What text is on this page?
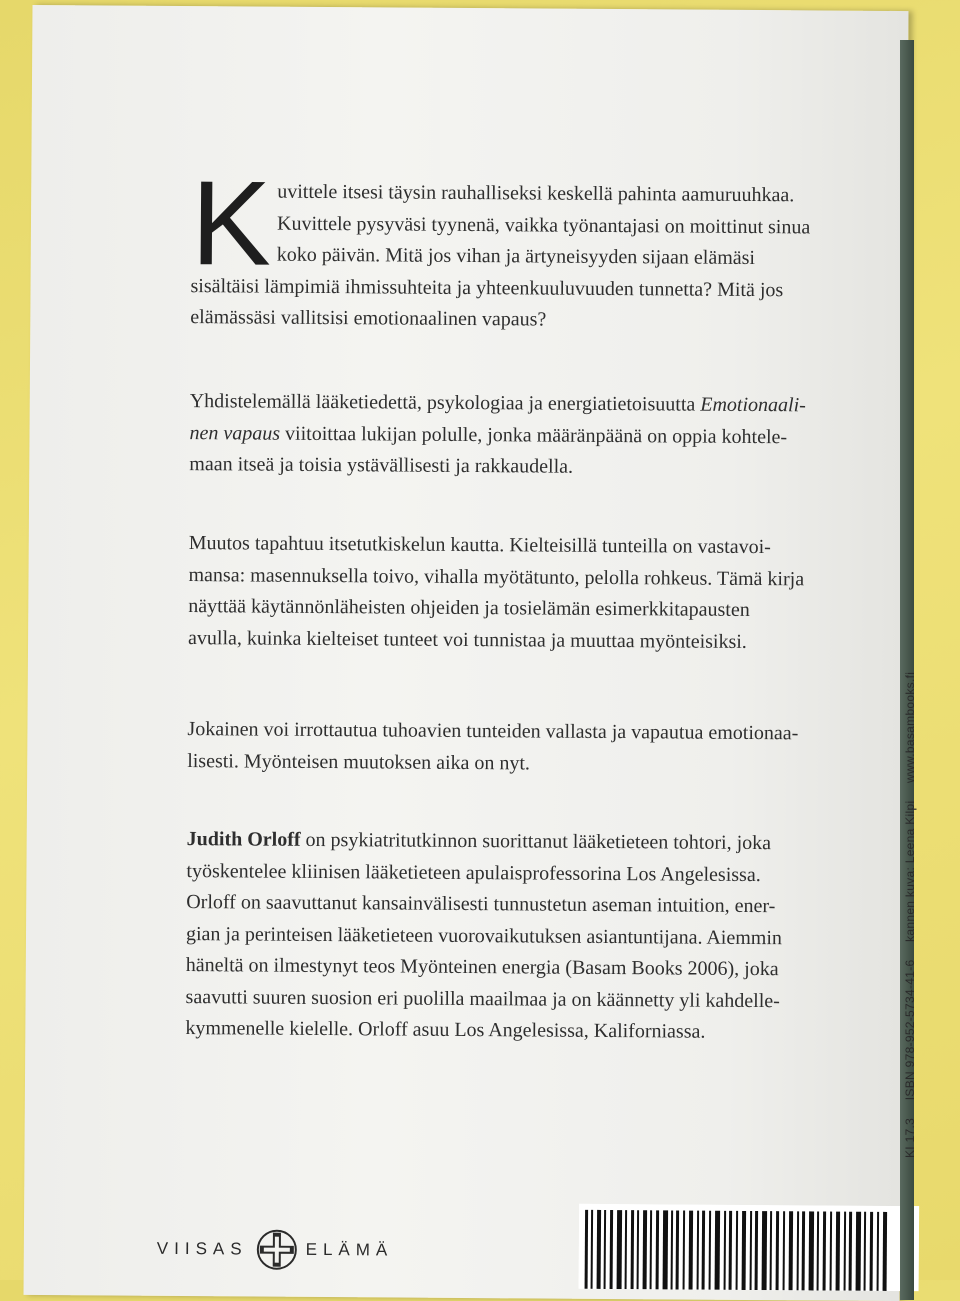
K uvittele itsesi täysin rauhalliseksi keskellä pahinta aamuruuhkaa. Kuvittele pysyväsi tyynenä, vaikka työnantajasi on moittinut sinua koko päivän. Mitä jos vihan ja ärtyneisyyden sijaan elämäsi sisältäisi lämpimiä ihmissuhteita ja yhteenkuuluvuuden tunnetta? Mitä jos elämässäsi vallitsisi emotionaalinen vapaus?
Yhdistelemällä lääketiedettä, psykologiaa ja energiatietoisuutta Emotionaali-nen vapaus viitoittaa lukijan polulle, jonka määränpäänä on oppia kohtele-maan itseä ja toisia ystävällisesti ja rakkaudella.
Muutos tapahtuu itsetutkiskelun kautta. Kielteisillä tunteilla on vastavoi-mansa: masennuksella toivo, vihalla myötätunto, pelolla rohkeus. Tämä kirja näyttää käytännönläheisten ohjeiden ja tosielämän esimerkkitapausten avulla, kuinka kielteiset tunteet voi tunnistaa ja muuttaa myönteisiksi.
Jokainen voi irrottautua tuhoavien tunteiden vallasta ja vapautua emotionaa-lisesti. Myönteisen muutoksen aika on nyt.
Judith Orloff on psykiatritutkinnon suorittanut lääketieteen tohtori, joka työskentelee kliinisen lääketieteen apulaisprofessorina Los Angelesissa. Orloff on saavuttanut kansainvälisesti tunnustetun aseman intuition, ener-gian ja perinteisen lääketieteen vuorovaikutuksen asiantuntijana. Aiemmin häneltä on ilmestynyt teos Myönteinen energia (Basam Books 2006), joka saavutti suuren suosion eri puolilla maailmaa ja on käännetty yli kahdelle-kymmenelle kielelle. Orloff asuu Los Angelesissa, Kaliforniassa.
VIISAS	ELÄMÄ
KI 17.3 ISBN 978-952-5734-41-6 kannen kuva: Leena Kilpi www.basambooks.fi
